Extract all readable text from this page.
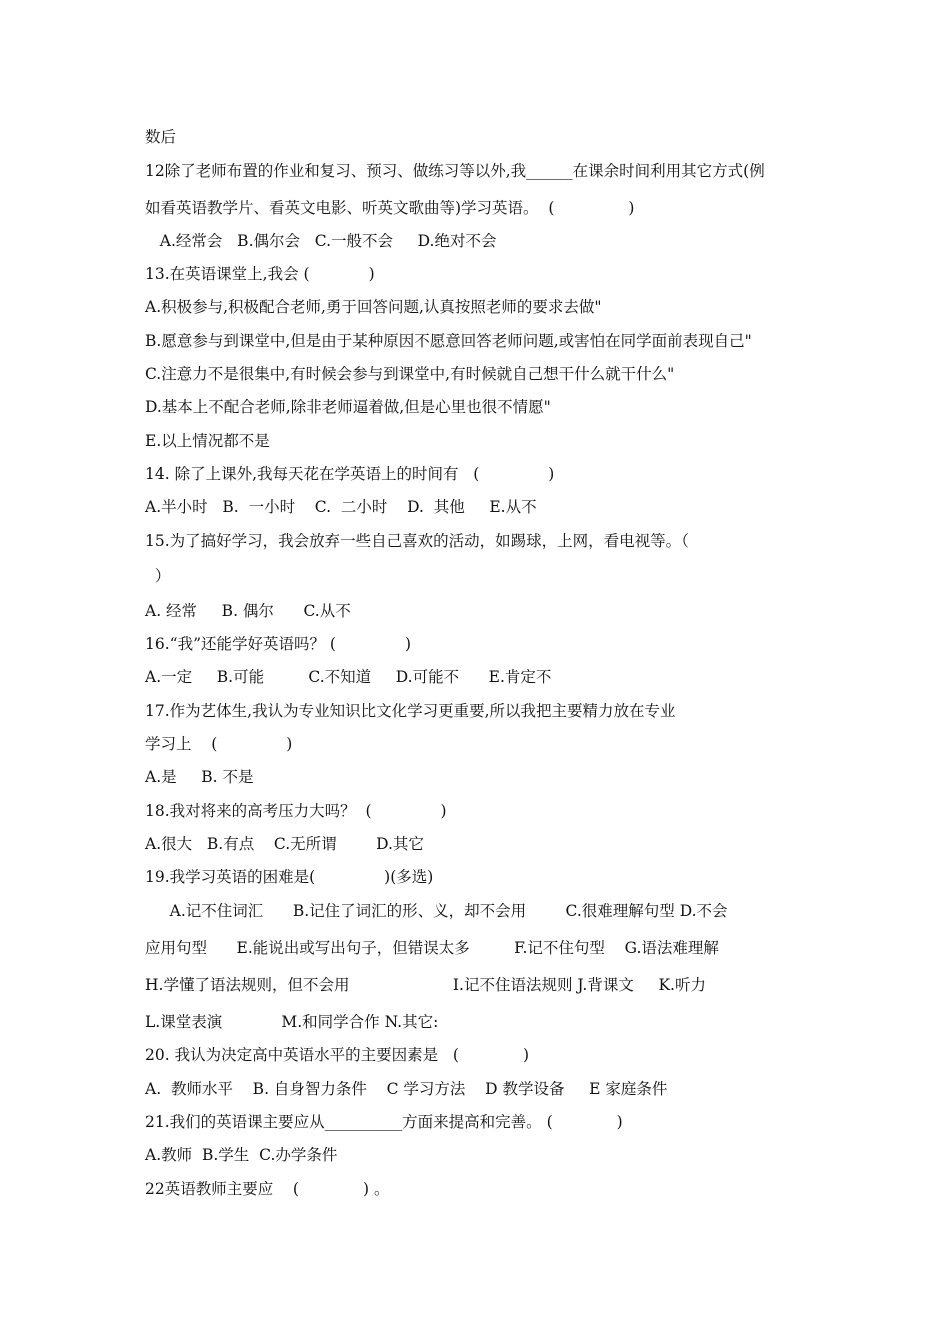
数后
12除了老师布置的作业和复习、预习、做练习等以外,我______在课余时间利用其它方式(例
如看英语教学片、看英文电影、听英文歌曲等)学习英语。  (               )
A.经常会   B.偶尔会   C.一般不会     D.绝对不会
13.在英语课堂上,我会 (            )
A.积极参与,积极配合老师,勇于回答问题,认真按照老师的要求去做"
B.愿意参与到课堂中,但是由于某种原因不愿意回答老师问题,或害怕在同学面前表现自己"
C.注意力不是很集中,有时候会参与到课堂中,有时候就自己想干什么就干什么"
D.基本上不配合老师,除非老师逼着做,但是心里也很不情愿"
E.以上情况都不是
14. 除了上课外,我每天花在学英语上的时间有   (              )
A.半小时   B.  一小时    C.  二小时    D.  其他     E.从不
15.为了搞好学习，我会放弃一些自己喜欢的活动，如踢球，上网，看电视等。（
）
A. 经常     B. 偶尔      C.从不
16.“我”还能学好英语吗？ (              )
A.一定     B.可能         C.不知道     D.可能不      E.肯定不
17.作为艺体生,我认为专业知识比文化学习更重要,所以我把主要精力放在专业
学习上    (              )
A.是     B. 不是
18.我对将来的高考压力大吗？  (              )
A.很大   B.有点    C.无所谓        D.其它
19.我学习英语的困难是(              )(多选)
A.记不住词汇      B.记住了词汇的形、义，却不会用        C.很难理解句型 D.不会
应用句型      E.能说出或写出句子，但错误太多         F.记不住句型    G.语法难理解
H.学懂了语法规则，但不会用                     I.记不住语法规则 J.背课文     K.听力
L.课堂表演            M.和同学合作 N.其它:
20. 我认为决定高中英语水平的主要因素是   (             )
A.  教师水平    B. 自身智力条件    C 学习方法    D 教学设备     E 家庭条件
21.我们的英语课主要应从__________方面来提高和完善。 (             )
A.教师  B.学生  C.办学条件
22英语教师主要应    (             ) 。
